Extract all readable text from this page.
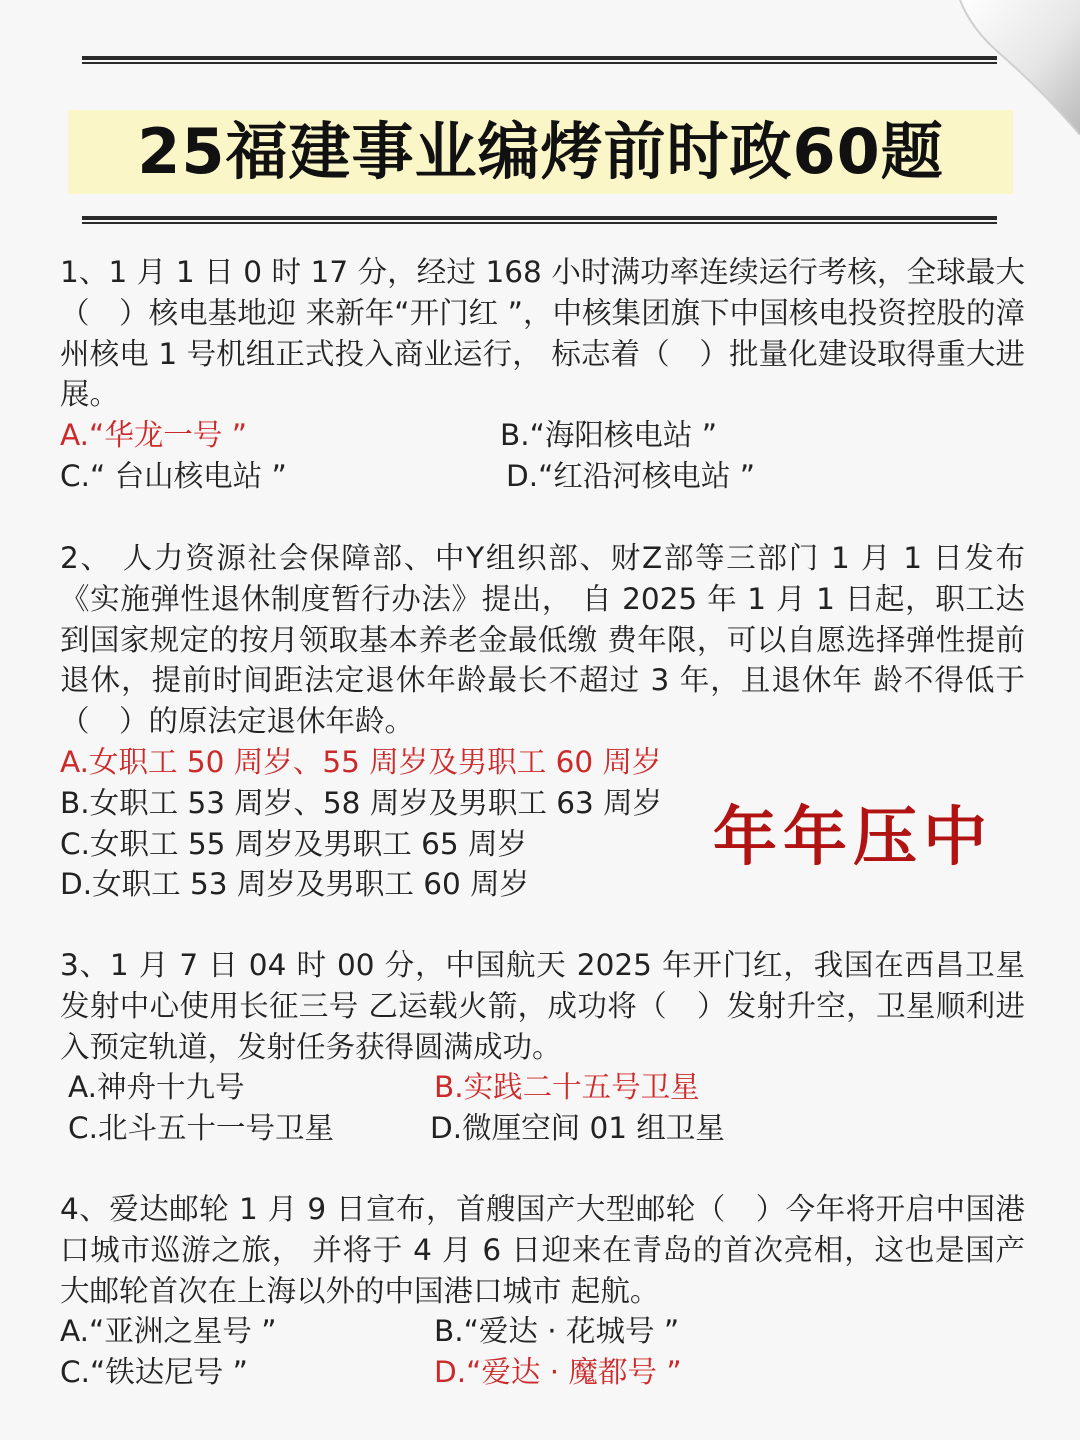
25福建事业编烤前时政60题
1、1 月 1 日 0 时 17 分，经过 168 小时满功率连续运行考核，全球最大（　）核电基地迎 来新年“开门红 ”，中核集团旗下中国核电投资控股的漳州核电 1 号机组正式投入商业运行， 标志着（　）批量化建设取得重大进展。
A.“华龙一号 ”	B.“海阳核电站 ”
C.“ 台山核电站 ”	D.“红沿河核电站 ”
2、 人力资源社会保障部、中Y组织部、财Z部等三部门 1 月 1 日发布《实施弹性退休制度暂行办法》提出， 自 2025 年 1 月 1 日起，职工达到国家规定的按月领取基本养老金最低缴 费年限，可以自愿选择弹性提前退休，提前时间距法定退休年龄最长不超过 3 年，且退休年 龄不得低于（　）的原法定退休年龄。
A.女职工 50 周岁、55 周岁及男职工 60 周岁
B.女职工 53 周岁、58 周岁及男职工 63 周岁
C.女职工 55 周岁及男职工 65 周岁
D.女职工 53 周岁及男职工 60 周岁
年年压中
3、1 月 7 日 04 时 00 分，中国航天 2025 年开门红，我国在西昌卫星发射中心使用长征三号 乙运载火箭，成功将（　）发射升空，卫星顺利进入预定轨道，发射任务获得圆满成功。
A.神舟十九号	B.实践二十五号卫星
C.北斗五十一号卫星	D.微厘空间 01 组卫星
4、爱达邮轮 1 月 9 日宣布，首艘国产大型邮轮（　）今年将开启中国港口城市巡游之旅， 并将于 4 月 6 日迎来在青岛的首次亮相，这也是国产大邮轮首次在上海以外的中国港口城市 起航。
A.“亚洲之星号 ”	B.“爱达 · 花城号 ”
C.“铁达尼号 ”	D.“爱达 · 魔都号 ”
